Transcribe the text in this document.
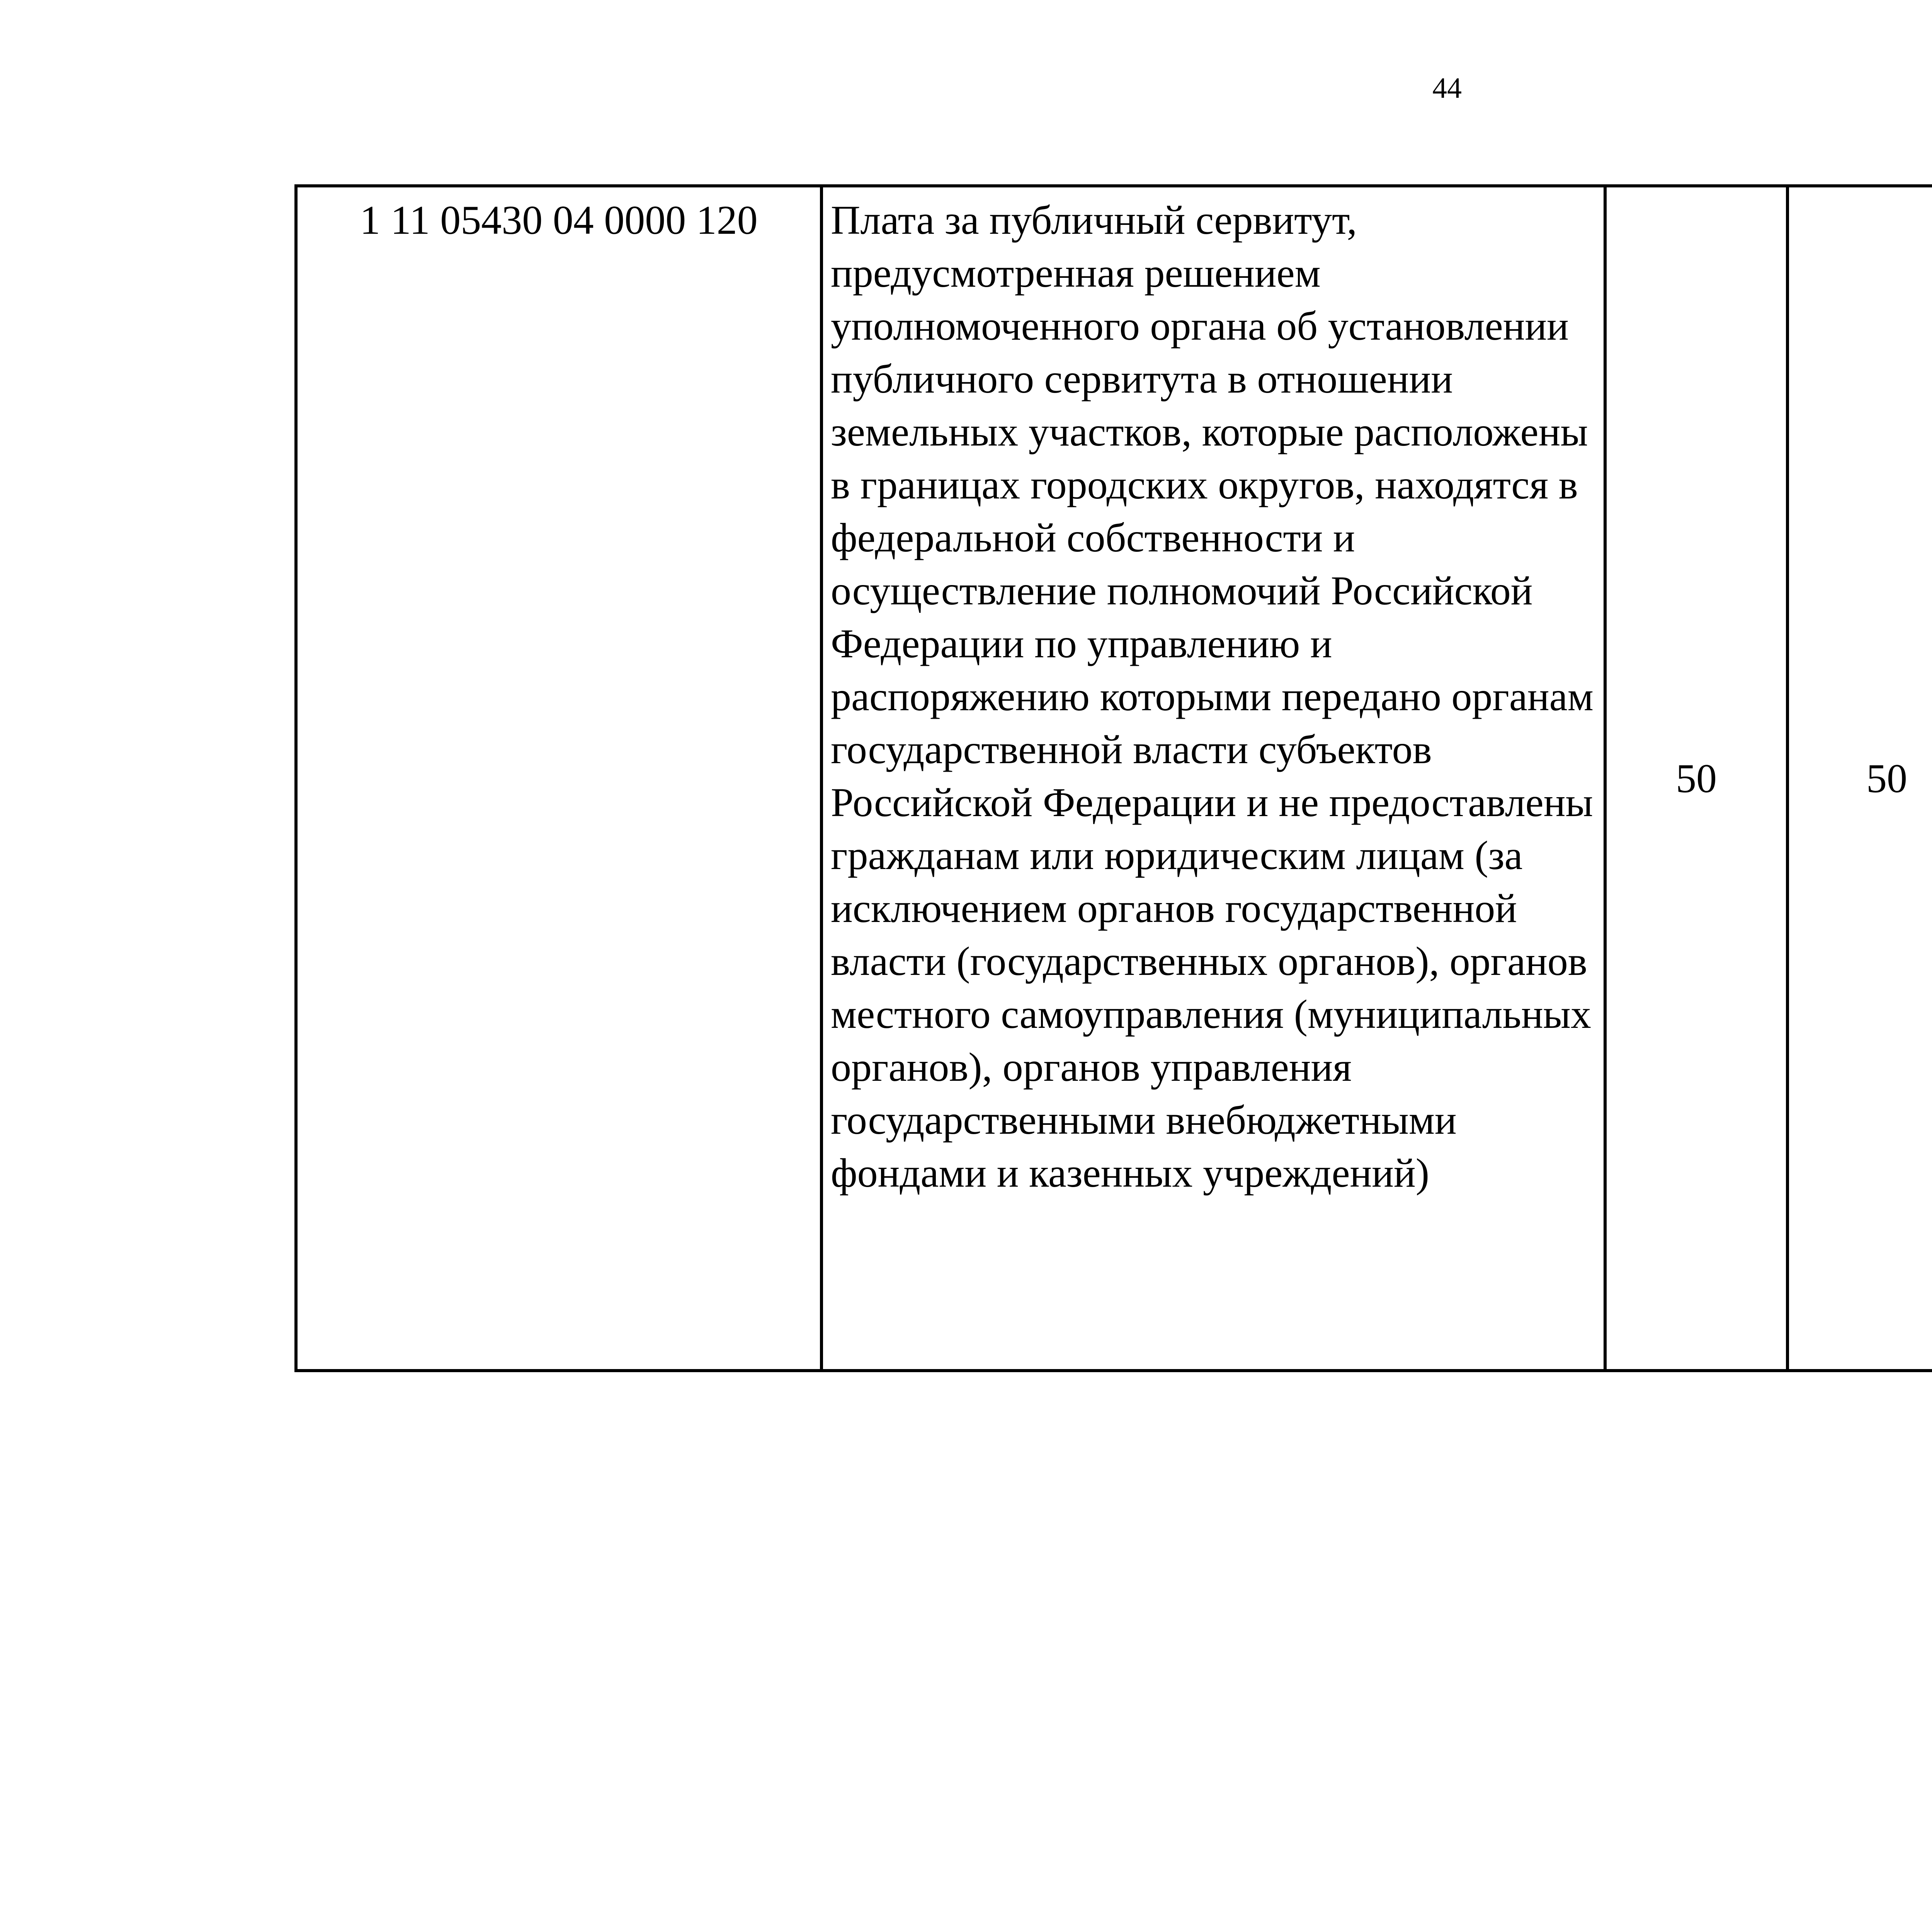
44
1 11 05430 04 0000 120	Плата за публичный сервитут, предусмотренная решением уполномоченного органа об установлении публичного сервитута в отношении земельных участков, которые расположены в границах городских округов, находятся в федеральной собственности и осуществление полномочий Российской Федерации по управлению и распоряжению которыми передано органам государственной власти субъектов Российской Федерации и не предоставлены гражданам или юридическим лицам (за исключением органов государственной власти (государственных органов), органов местного самоуправления (муниципальных органов), органов управления государственными внебюджетными фондами и казенных учреждений)	50	50			
